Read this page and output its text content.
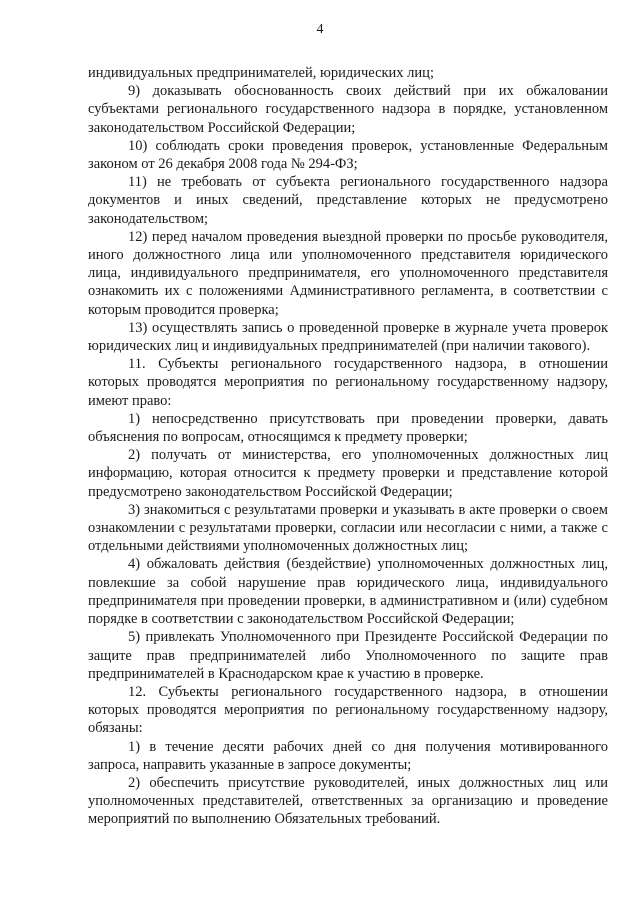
4

индивидуальных предпринимателей, юридических лиц;

9) доказывать обоснованность своих действий при их обжаловании субъектами регионального государственного надзора в порядке, установленном законодательством Российской Федерации;

10) соблюдать сроки проведения проверок, установленные Федеральным законом от 26 декабря 2008 года № 294-ФЗ;

11) не требовать от субъекта регионального государственного надзора документов и иных сведений, представление которых не предусмотрено законодательством;

12) перед началом проведения выездной проверки по просьбе руководителя, иного должностного лица или уполномоченного представителя юридического лица, индивидуального предпринимателя, его уполномоченного представителя ознакомить их с положениями Административного регламента, в соответствии с которым проводится проверка;

13) осуществлять запись о проведенной проверке в журнале учета проверок юридических лиц и индивидуальных предпринимателей (при наличии такового).

11. Субъекты регионального государственного надзора, в отношении которых проводятся мероприятия по региональному государственному надзору, имеют право:

1) непосредственно присутствовать при проведении проверки, давать объяснения по вопросам, относящимся к предмету проверки;

2) получать от министерства, его уполномоченных должностных лиц информацию, которая относится к предмету проверки и представление которой предусмотрено законодательством Российской Федерации;

3) знакомиться с результатами проверки и указывать в акте проверки о своем ознакомлении с результатами проверки, согласии или несогласии с ними, а также с отдельными действиями уполномоченных должностных лиц;

4) обжаловать действия (бездействие) уполномоченных должностных лиц, повлекшие за собой нарушение прав юридического лица, индивидуального предпринимателя при проведении проверки, в административном и (или) судебном порядке в соответствии с законодательством Российской Федерации;

5) привлекать Уполномоченного при Президенте Российской Федерации по защите прав предпринимателей либо Уполномоченного по защите прав предпринимателей в Краснодарском крае к участию в проверке.

12. Субъекты регионального государственного надзора, в отношении которых проводятся мероприятия по региональному государственному надзору, обязаны:

1) в течение десяти рабочих дней со дня получения мотивированного запроса, направить указанные в запросе документы;

2) обеспечить присутствие руководителей, иных должностных лиц или уполномоченных представителей, ответственных за организацию и проведение мероприятий по выполнению Обязательных требований.
